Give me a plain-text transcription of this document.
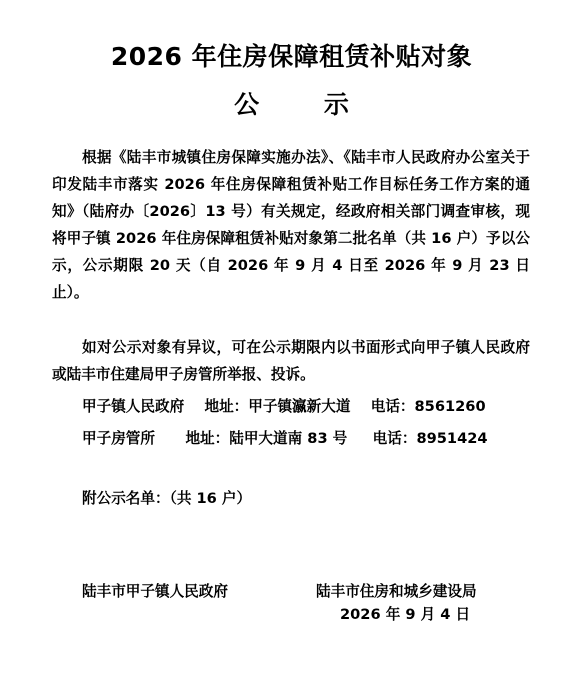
2026 年住房保障租赁补贴对象
公 示
根据《陆丰市城镇住房保障实施办法》、《陆丰市人民政府办公室关于印发陆丰市落实 2026 年住房保障租赁补贴工作目标任务工作方案的通知》（陆府办〔2026〕13 号）有关规定，经政府相关部门调查审核，现将甲子镇 2026 年住房保障租赁补贴对象第二批名单（共 16 户）予以公示，公示期限 20 天（自 2026 年 9 月 4 日至 2026 年 9 月 23 日止）。
如对公示对象有异议，可在公示期限内以书面形式向甲子镇人民政府或陆丰市住建局甲子房管所举报、投诉。
甲子镇人民政府    地址：甲子镇瀛新大道    电话：8561260
甲子房管所      地址：陆甲大道南 83 号     电话：8951424
附公示名单：（共 16 户）
陆丰市甲子镇人民政府	陆丰市住房和城乡建设局
2026 年 9 月 4 日
